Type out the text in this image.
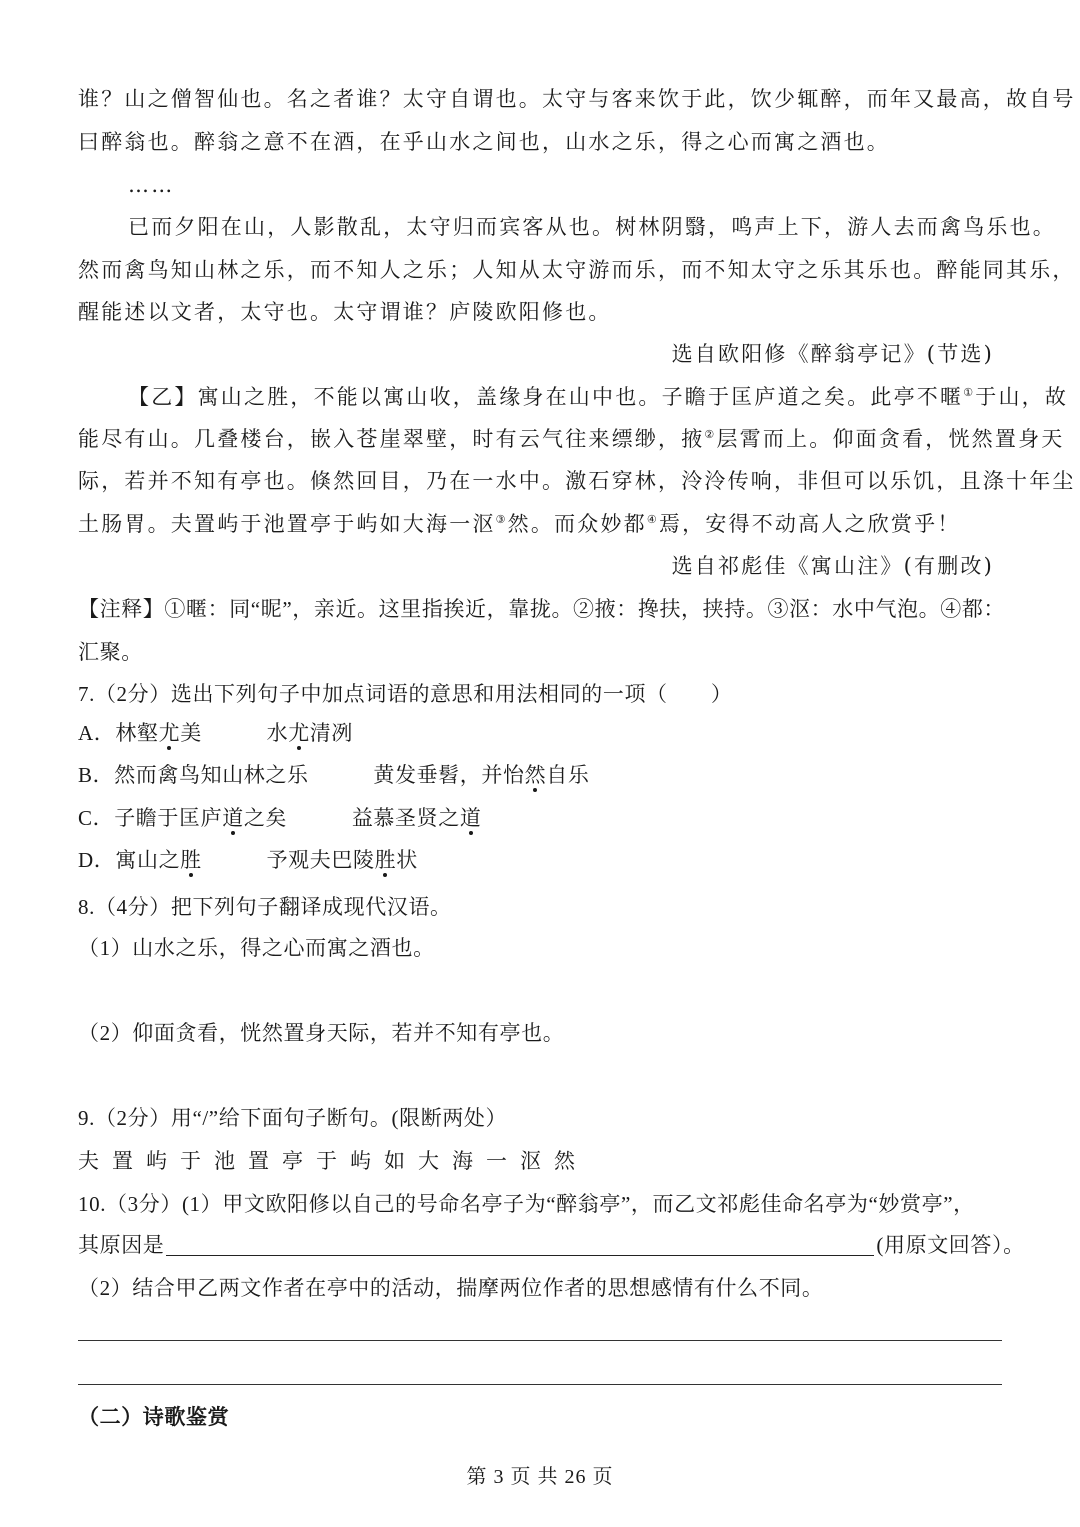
谁？山之僧智仙也。名之者谁？太守自谓也。太守与客来饮于此，饮少辄醉，而年又最高，故自号
曰醉翁也。醉翁之意不在酒，在乎山水之间也，山水之乐，得之心而寓之酒也。
……
已而夕阳在山，人影散乱，太守归而宾客从也。树林阴翳，鸣声上下，游人去而禽鸟乐也。
然而禽鸟知山林之乐，而不知人之乐；人知从太守游而乐，而不知太守之乐其乐也。醉能同其乐，
醒能述以文者，太守也。太守谓谁？庐陵欧阳修也。
选自欧阳修《醉翁亭记》(节选)
【乙】寓山之胜，不能以寓山收，盖缘身在山中也。子瞻于匡庐道之矣。此亭不暱①于山，故
能尽有山。几叠楼台，嵌入苍崖翠壁，时有云气往来缥缈，掖②层霄而上。仰面贪看，恍然置身天
际，若并不知有亭也。倏然回目，乃在一水中。激石穿林，泠泠传响，非但可以乐饥，且涤十年尘
土肠胃。夫置屿于池置亭于屿如大海一沤③然。而众妙都④焉，安得不动高人之欣赏乎！
选自祁彪佳《寓山注》(有删改)
【注释】①暱：同“昵”，亲近。这里指挨近，靠拢。②掖：搀扶，挟持。③沤：水中气泡。④都：
汇聚。
7.（2分）选出下列句子中加点词语的意思和用法相同的一项（　　）
A．林壑尤美　　　水尤清冽
B．然而禽鸟知山林之乐　　　黄发垂髫，并怡然自乐
C．子瞻于匡庐道之矣　　　益慕圣贤之道
D．寓山之胜　　　予观夫巴陵胜状
8.（4分）把下列句子翻译成现代汉语。
（1）山水之乐，得之心而寓之酒也。
（2）仰面贪看，恍然置身天际，若并不知有亭也。
9.（2分）用“/”给下面句子断句。(限断两处）
夫置屿于池置亭于屿如大海一沤然
10.（3分）(1）甲文欧阳修以自己的号命名亭子为“醉翁亭”，而乙文祁彪佳命名亭为“妙赏亭”，
其原因是	(用原文回答）。
（2）结合甲乙两文作者在亭中的活动，揣摩两位作者的思想感情有什么不同。
（二）诗歌鉴赏
第 3 页 共 26 页
